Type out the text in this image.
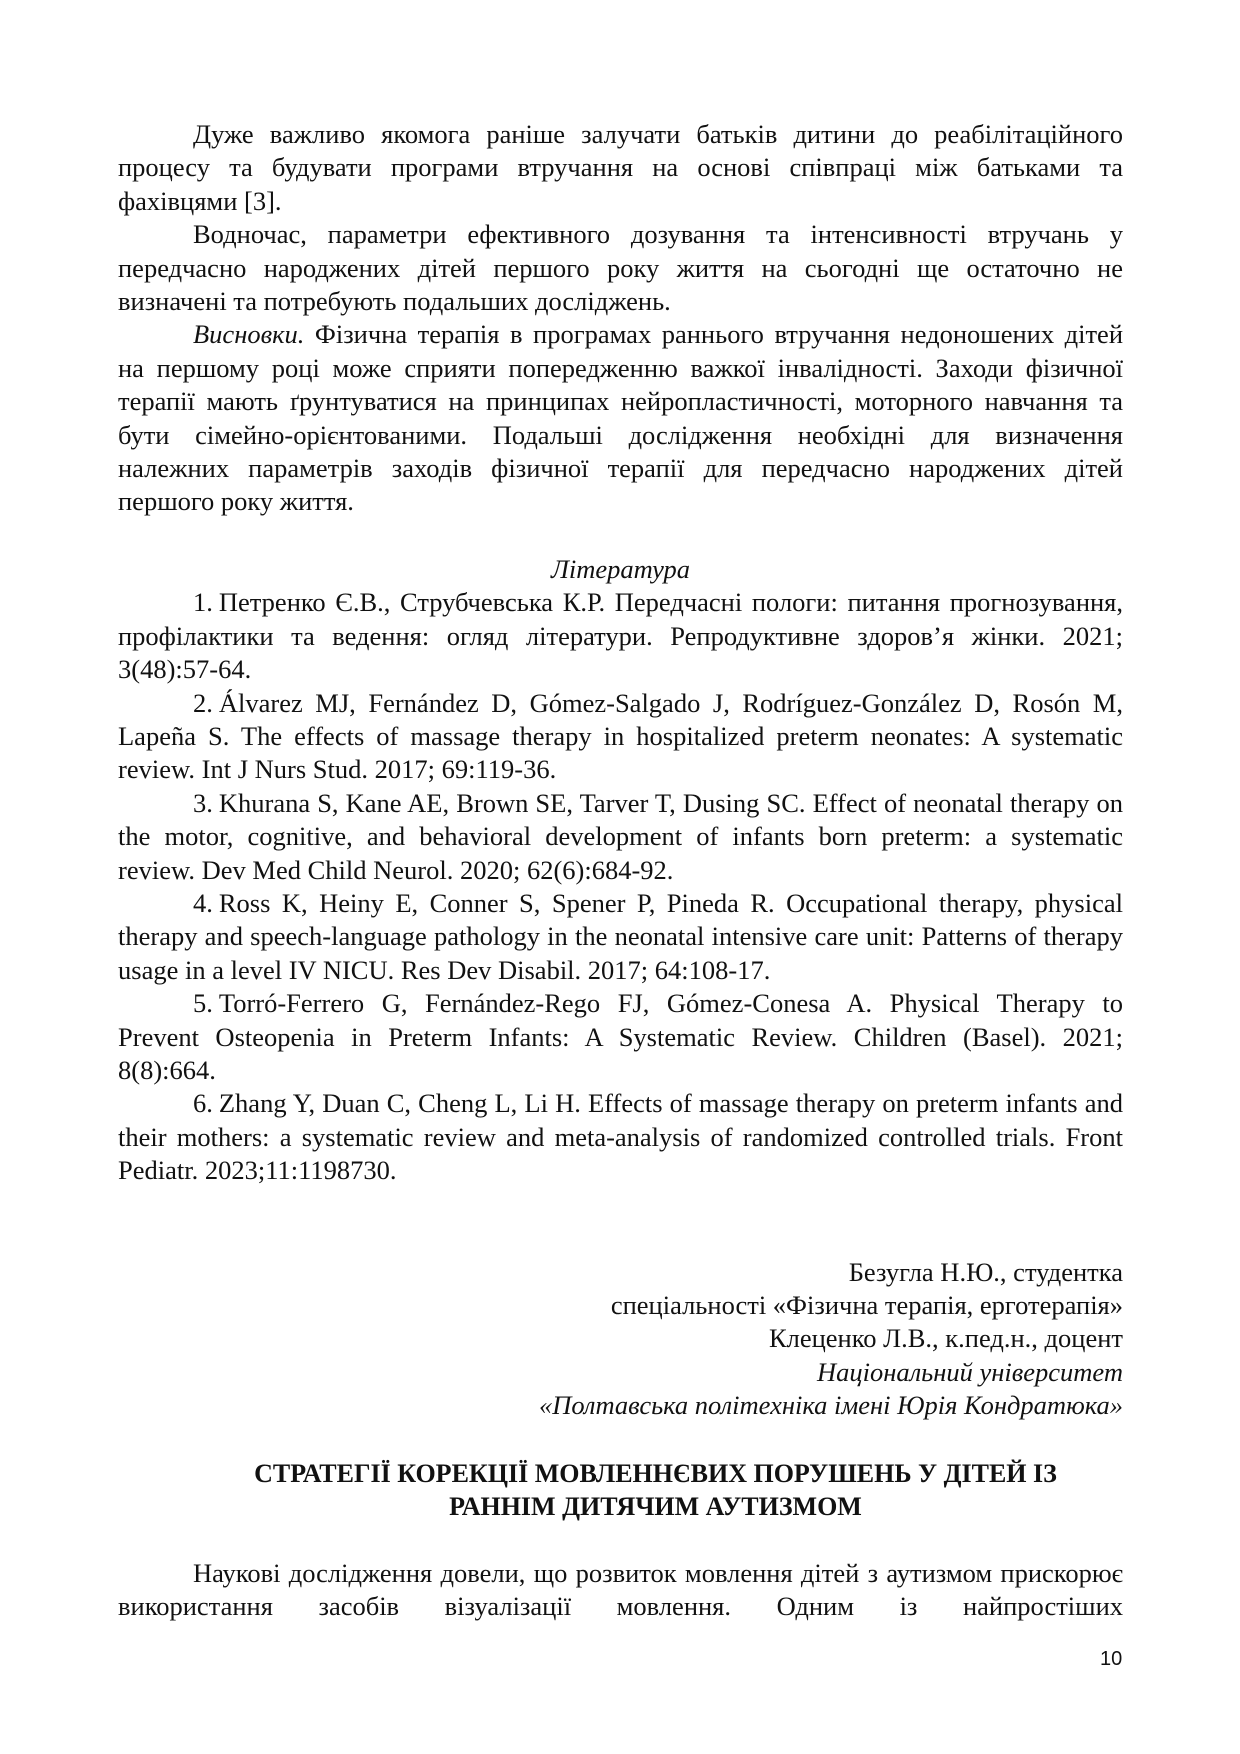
Дуже важливо якомога раніше залучати батьків дитини до реабілітаційного процесу та будувати програми втручання на основі співпраці між батьками та фахівцями [3].

Водночас, параметри ефективного дозування та інтенсивності втручань у передчасно народжених дітей першого року життя на сьогодні ще остаточно не визначені та потребують подальших досліджень.

Висновки. Фізична терапія в програмах раннього втручання недоношених дітей на першому році може сприяти попередженню важкої інвалідності. Заходи фізичної терапії мають ґрунтуватися на принципах нейропластичності, моторного навчання та бути сімейно-орієнтованими. Подальші дослідження необхідні для визначення належних параметрів заходів фізичної терапії для передчасно народжених дітей першого року життя.

Література

1. Петренко Є.В., Струбчевська К.Р. Передчасні пологи: питання прогнозування, профілактики та ведення: огляд літератури. Репродуктивне здоров’я жінки. 2021; 3(48):57-64.

2. Álvarez MJ, Fernández D, Gómez-Salgado J, Rodríguez-González D, Rosón M, Lapeña S. The effects of massage therapy in hospitalized preterm neonates: A systematic review. Int J Nurs Stud. 2017; 69:119-36.

3. Khurana S, Kane AE, Brown SE, Tarver T, Dusing SC. Effect of neonatal therapy on the motor, cognitive, and behavioral development of infants born preterm: a systematic review. Dev Med Child Neurol. 2020; 62(6):684-92.

4. Ross K, Heiny E, Conner S, Spener P, Pineda R. Occupational therapy, physical therapy and speech-language pathology in the neonatal intensive care unit: Patterns of therapy usage in a level IV NICU. Res Dev Disabil. 2017; 64:108-17.

5. Torró-Ferrero G, Fernández-Rego FJ, Gómez-Conesa A. Physical Therapy to Prevent Osteopenia in Preterm Infants: A Systematic Review. Children (Basel). 2021; 8(8):664.

6. Zhang Y, Duan C, Cheng L, Li H. Effects of massage therapy on preterm infants and their mothers: a systematic review and meta-analysis of randomized controlled trials. Front Pediatr. 2023;11:1198730.

Безугла Н.Ю., студентка

спеціальності «Фізична терапія, ерготерапія»

Клеценко Л.В., к.пед.н., доцент

Національний університет

«Полтавська політехніка імені Юрія Кондратюка»

СТРАТЕГІЇ КОРЕКЦІЇ МОВЛЕННЄВИХ ПОРУШЕНЬ У ДІТЕЙ ІЗ

РАННІМ ДИТЯЧИМ АУТИЗМОМ

Наукові дослідження довели, що розвиток мовлення дітей з аутизмом прискорює використання засобів візуалізації мовлення. Одним із найпростіших

10
